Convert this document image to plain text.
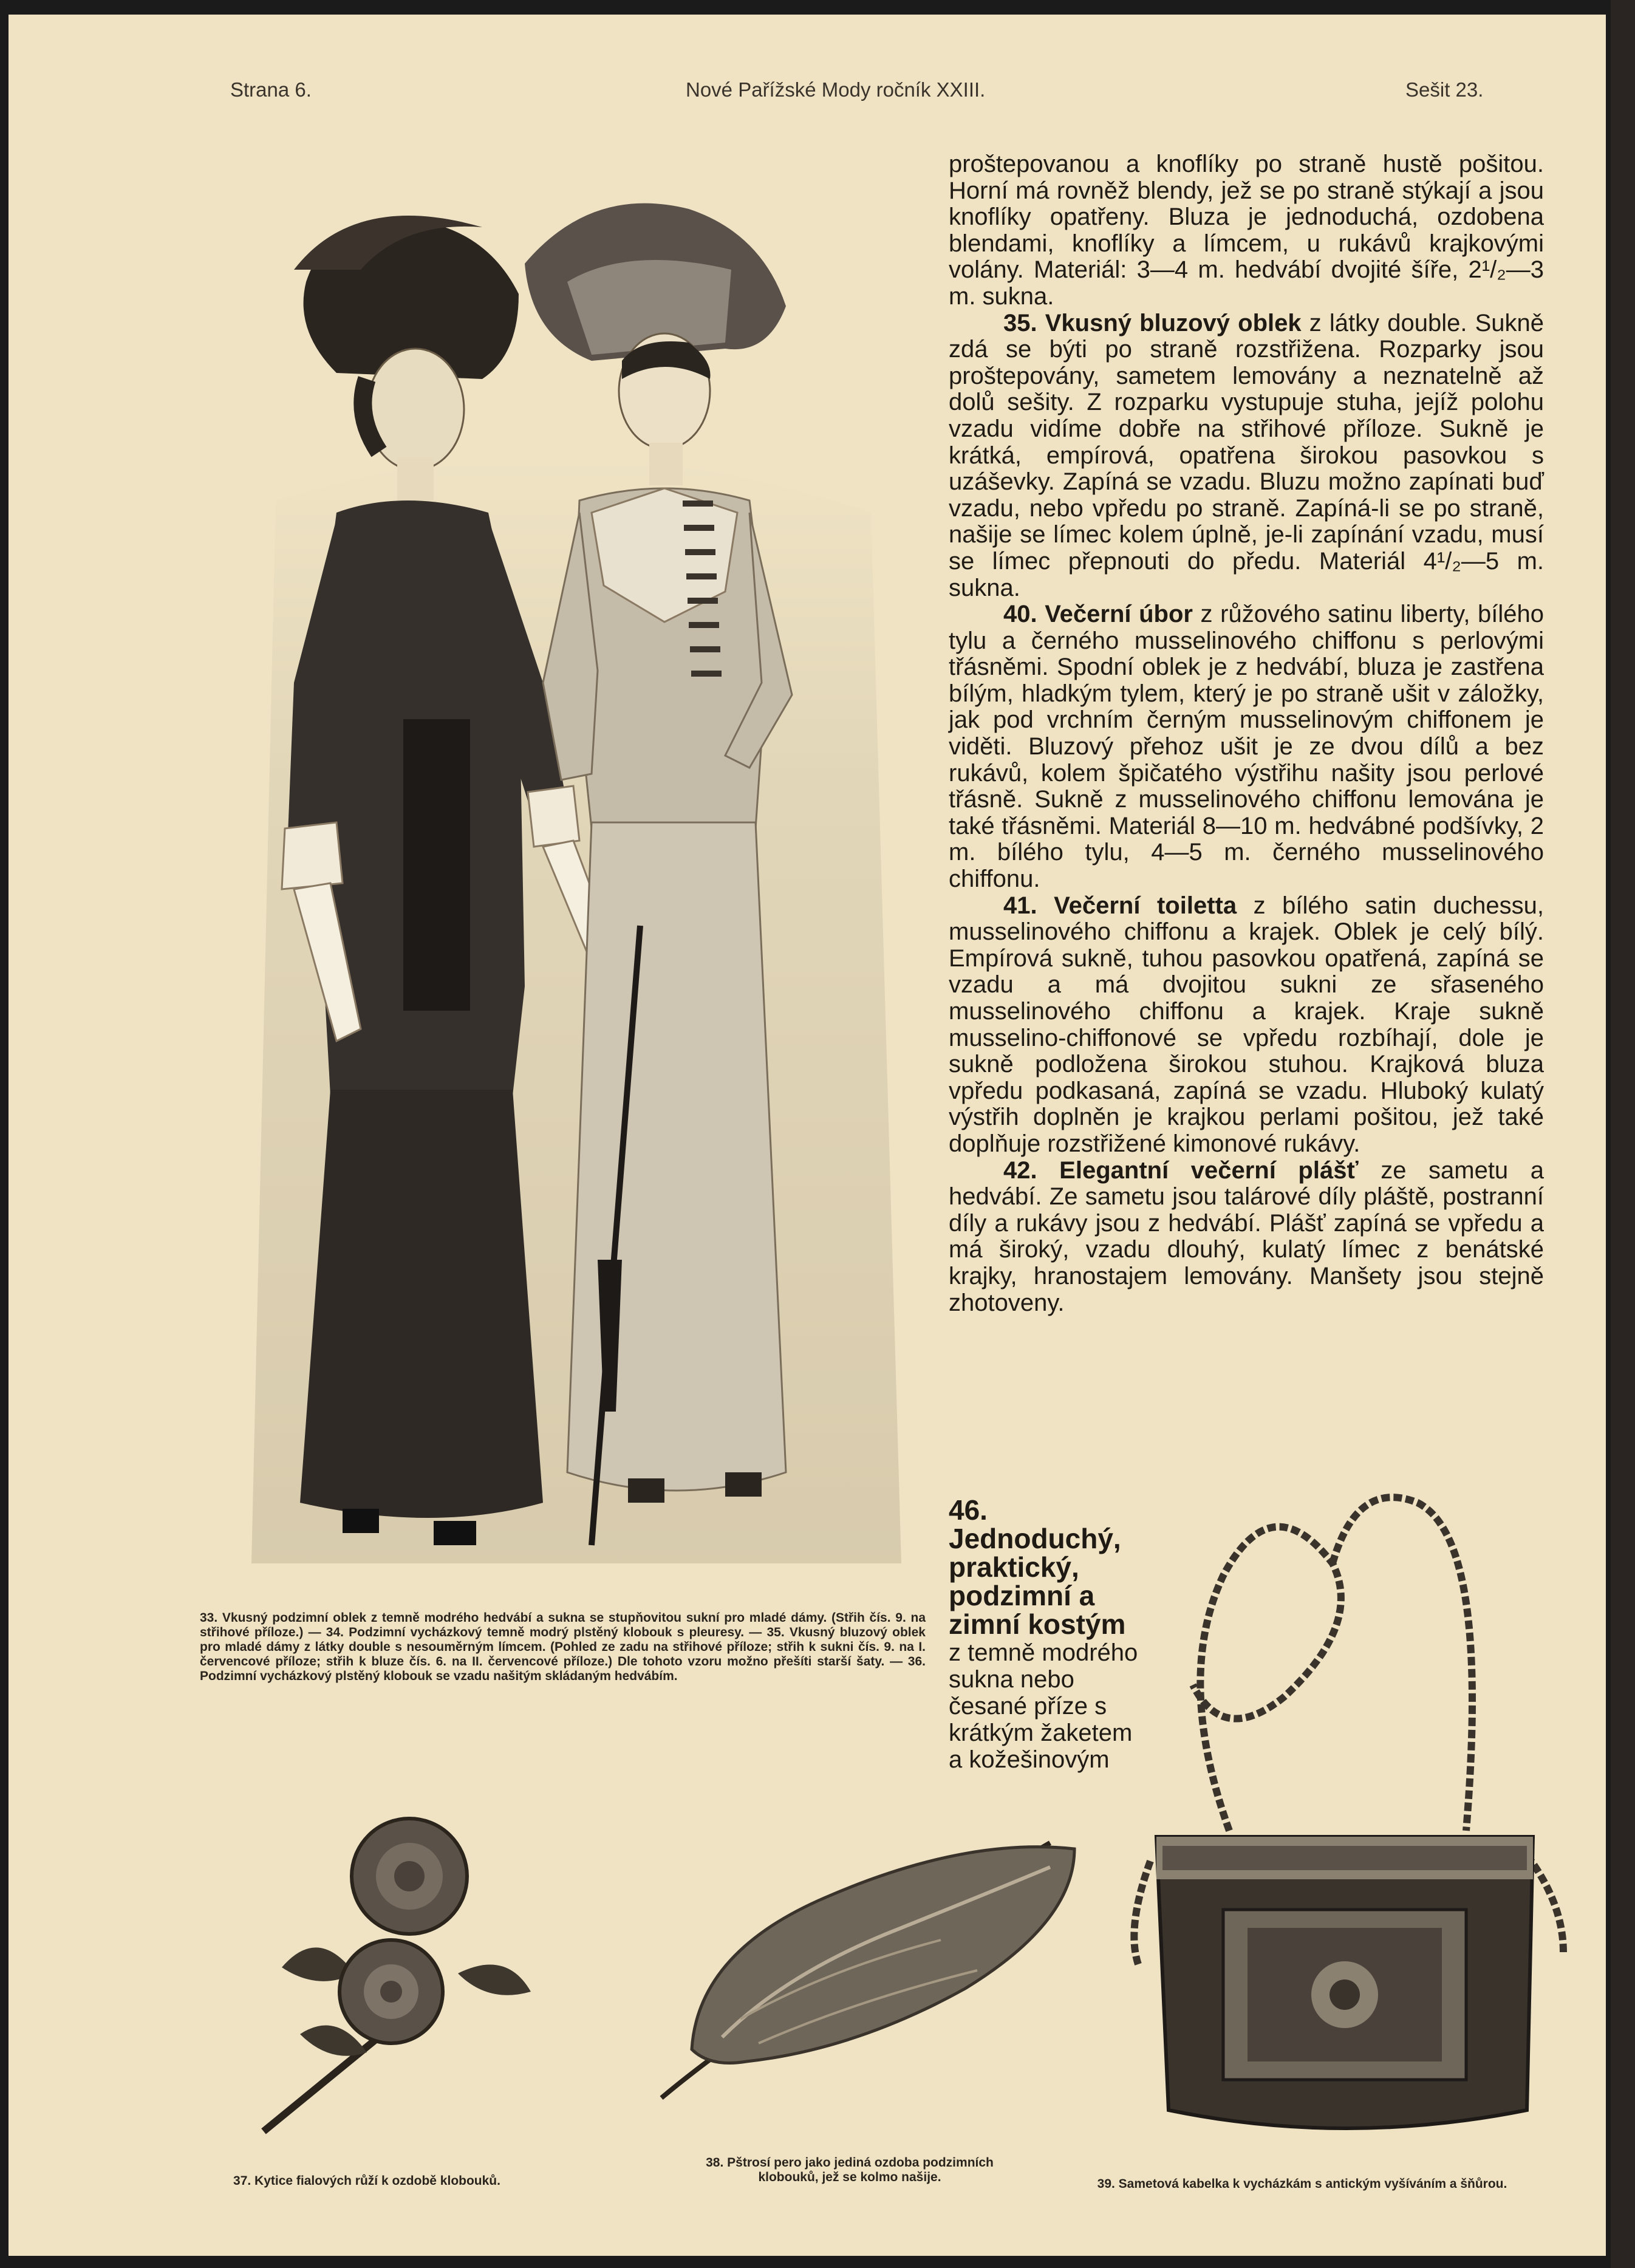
Strana 6.	Nové Pařížské Mody ročník XXIII.	Sešit 23.

proštepovanou a knoflíky po straně hustě pošitou. Horní má rovněž blendy, jež se po straně stýkají a jsou knoflíky opatřeny. Bluza je jednoduchá, ozdobena blendami, knoflíky a límcem, u rukávů krajkovými volány. Materiál: 3—4 m. hedvábí dvojité šíře, 2¹/₂—3 m. sukna.

35. Vkusný bluzový oblek z látky double. Sukně zdá se býti po straně rozstřižena. Rozparky jsou proštepovány, sametem lemovány a neznatelně až dolů sešity. Z rozparku vystupuje stuha, jejíž polohu vzadu vidíme dobře na střihové příloze. Sukně je krátká, empírová, opatřena širokou pasovkou s uzáševky. Zapíná se vzadu. Bluzu možno zapínati buď vzadu, nebo vpředu po straně. Zapíná-li se po straně, našije se límec kolem úplně, je-li zapínání vzadu, musí se límec přepnouti do předu. Materiál 4¹/₂—5 m. sukna.

40. Večerní úbor z růžového satinu liberty, bílého tylu a černého musselinového chiffonu s perlovými třásněmi. Spodní oblek je z hedvábí, bluza je zastřena bílým, hladkým tylem, který je po straně ušit v záložky, jak pod vrchním černým musselinovým chiffonem je viděti. Bluzový přehoz ušit je ze dvou dílů a bez rukávů, kolem špičatého výstřihu našity jsou perlové třásně. Sukně z musselinového chiffonu lemována je také třásněmi. Materiál 8—10 m. hedvábné podšívky, 2 m. bílého tylu, 4—5 m. černého musselinového chiffonu.

41. Večerní toiletta z bílého satin duchessu, musselinového chiffonu a krajek. Oblek je celý bílý. Empírová sukně, tuhou pasovkou opatřená, zapíná se vzadu a má dvojitou sukni ze sřaseného musselinového chiffonu a krajek. Kraje sukně musselino-chiffonové se vpředu rozbíhají, dole je sukně podložena širokou stuhou. Krajková bluza vpředu podkasaná, zapíná se vzadu. Hluboký kulatý výstřih doplněn je krajkou perlami pošitou, jež také doplňuje rozstřižené kimonové rukávy.

42. Elegantní večerní plášť ze sametu a hedvábí. Ze sametu jsou talárové díly pláště, postranní díly a rukávy jsou z hedvábí. Plášť zapíná se vpředu a má široký, vzadu dlouhý, kulatý límec z benátské krajky, hranostajem lemovány. Manšety jsou stejně zhotoveny.

46. Jednoduchý, praktický, podzimní a zimní kostým

z temně modrého sukna nebo česané příze s krátkým žaketem a kožešinovým

33. Vkusný podzimní oblek z temně modrého hedvábí a sukna se stupňovitou sukní pro mladé dámy. (Střih čís. 9. na střihové příloze.) — 34. Podzimní vycházkový temně modrý plstěný klobouk s pleuresy. — 35. Vkusný bluzový oblek pro mladé dámy z látky double s nesouměrným límcem. (Pohled ze zadu na střihové příloze; střih k sukni čís. 9. na I. červencové příloze; střih k bluze čís. 6. na II. červencové příloze.) Dle tohoto vzoru možno přešíti starší šaty. — 36. Podzimní vycházkový plstěný klobouk se vzadu našitým skládaným hedvábím.
37. Kytice fialových růží k ozdobě klobouků.
38. Pštrosí pero jako jediná ozdoba podzimních klobouků, jež se kolmo našije.	39. Sametová kabelka k vycházkám s antickým vyšíváním a šňůrou.
